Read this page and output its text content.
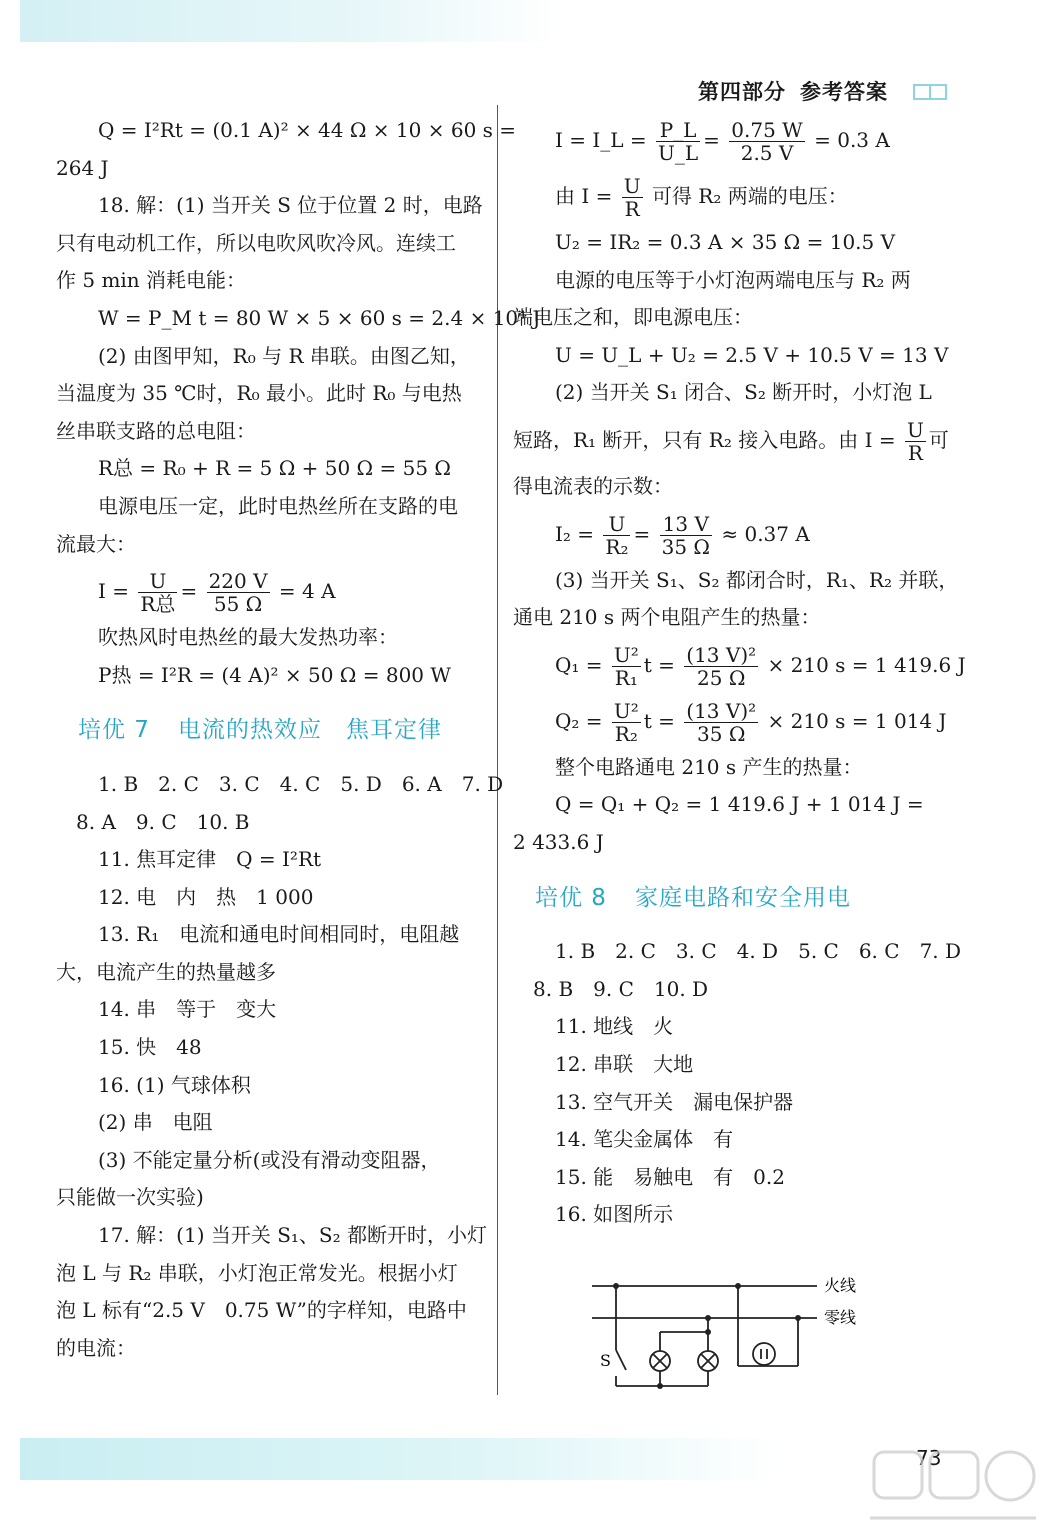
第四部分 参考答案

Q = I²Rt = (0.1 A)² × 44 Ω × 10 × 60 s =

264 J

18. 解：(1) 当开关 S 位于位置 2 时，电路

只有电动机工作，所以电吹风吹冷风。连续工

作 5 min 消耗电能：

W = P_M t = 80 W × 5 × 60 s = 2.4 × 10⁴ J

(2) 由图甲知，R₀ 与 R 串联。由图乙知，

当温度为 35 ℃时，R₀ 最小。此时 R₀ 与电热

丝串联支路的总电阻：

R总 = R₀ + R = 5 Ω + 50 Ω = 55 Ω

电源电压一定，此时电热丝所在支路的电

流最大：

$I = \frac{U}{\text{R总}} = \frac{220 V}{55 \Omega} = 4$ A

吹热风时电热丝的最大发热功率：

P热 = I²R = (4 A)² × 50 Ω = 800 W

培优 7 电流的热效应　焦耳定律

1. B　2. C　3. C　4. C　5. D　6. A　7. D

8. A　9. C　10. B

11. 焦耳定律　Q = I²Rt

12. 电　内　热　1 000

13. R₁　电流和通电时间相同时，电阻越

大，电流产生的热量越多

14. 串　等于　变大

15. 快　48

16. (1) 气球体积

(2) 串　电阻

(3) 不能定量分析(或没有滑动变阻器，

只能做一次实验)

17. 解：(1) 当开关 S₁、S₂ 都断开时，小灯

泡 L 与 R₂ 串联，小灯泡正常发光。根据小灯

泡 L 标有“2.5 V　0.75 W”的字样知，电路中

的电流：

I = I_L = $\frac{P\_L}{U\_L} = \frac{0.75 W}{2.5 V} = 0.3$ A

由 $I = \frac{U}{R}$ 可得 R₂ 两端的电压：

U₂ = IR₂ = 0.3 A × 35 Ω = 10.5 V

电源的电压等于小灯泡两端电压与 R₂ 两

端电压之和，即电源电压：

U = U_L + U₂ = 2.5 V + 10.5 V = 13 V

(2) 当开关 S₁ 闭合、S₂ 断开时，小灯泡 L

短路，R₁ 断开，只有 R₂ 接入电路。由 $I = \frac{U}{R}$ 可

得电流表的示数：

$I_2 = \frac{U}{\text{R₂}} = \frac{13 V}{35 \Omega} \approx 0.37$ A

(3) 当开关 S₁、S₂ 都闭合时，R₁、R₂ 并联，

通电 210 s 两个电阻产生的热量：

$Q_1 = \frac{\text{U²}}{\text{R₁}}$ $t = \frac{\text{(13 V)²}}{25 \Omega} \times 210$ s = 1 419.6 J

$Q_2 = \frac{\text{U²}}{\text{R₂}}$ $t = \frac{\text{(13 V)²}}{35 \Omega} \times 210$ s = 1 014 J

整个电路通电 210 s 产生的热量：

Q = Q₁ + Q₂ = 1 419.6 J + 1 014 J =

2 433.6 J

培优 8 家庭电路和安全用电

1. B　2. C　3. C　4. D　5. C　6. C　7. D

8. B　9. C　10. D

11. 地线　火

12. 串联　大地

13. 空气开关　漏电保护器

14. 笔尖金属体　有

15. 能　易触电　有　0.2

16. 如图所示

火线
零线
S
73
